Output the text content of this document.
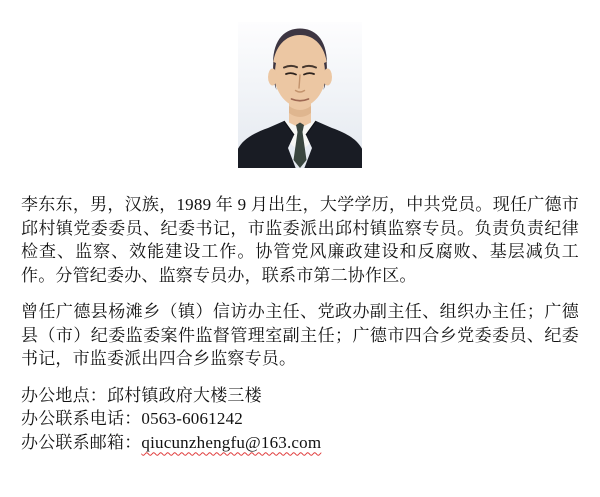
李东东，男，汉族，1989 年 9 月出生，大学学历，中共党员。现任广德市邱村镇党委委员、纪委书记，市监委派出邱村镇监察专员。负责负责纪律检查、监察、效能建设工作。协管党风廉政建设和反腐败、基层减负工作。分管纪委办、监察专员办，联系市第二协作区。

曾任广德县杨滩乡（镇）信访办主任、党政办副主任、组织办主任；广德县（市）纪委监委案件监督管理室副主任；广德市四合乡党委委员、纪委书记，市监委派出四合乡监察专员。

办公地点：邱村镇政府大楼三楼

办公联系电话：0563-6061242

办公联系邮箱：qiucunzhengfu@163.com
